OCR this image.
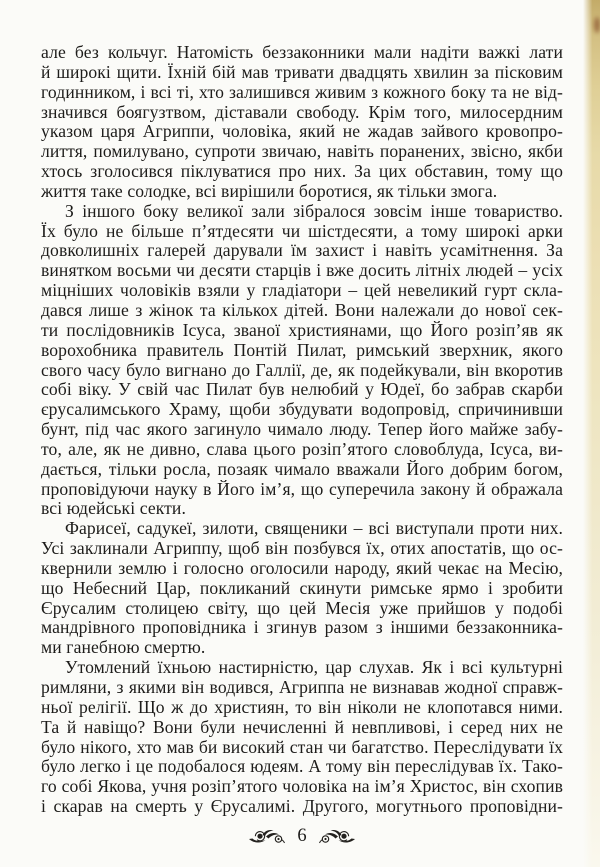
але без кольчуг. Натомість беззаконники мали надіти важкі лати
й широкі щити. Їхній бій мав тривати двадцять хвилин за пісковим
годинником, і всі ті, хто залишився живим з кожного боку та не від-
значився боягузтвом, діставали свободу. Крім того, милосердним
указом царя Агриппи, чоловіка, який не жадав зайвого кровопро-
лиття, помилувано, супроти звичаю, навіть поранених, звісно, якби
хтось зголосився піклуватися про них. За цих обставин, тому що
життя таке солодке, всі вирішили боротися, як тільки змога.
З іншого боку великої зали зібралося зовсім інше товариство.
Їх було не більше п’ятдесяти чи шістдесяти, а тому широкі арки
довколишніх галерей дарували їм захист і навіть усамітнення. За
винятком восьми чи десяти старців і вже досить літніх людей – усіх
міцніших чоловіків взяли у гладіатори – цей невеликий гурт скла-
дався лише з жінок та кількох дітей. Вони належали до нової сек-
ти послідовників Ісуса, званої християнами, що Його розіп’яв як
ворохобника правитель Понтій Пилат, римський зверхник, якого
свого часу було вигнано до Галлії, де, як подейкували, він вкоротив
собі віку. У свій час Пилат був нелюбий у Юдеї, бо забрав скарби
єрусалимського Храму, щоби збудувати водопровід, спричинивши
бунт, під час якого загинуло чимало люду. Тепер його майже забу-
то, але, як не дивно, слава цього розіп’ятого словоблуда, Ісуса, ви-
дається, тільки росла, позаяк чимало вважали Його добрим богом,
проповідуючи науку в Його ім’я, що суперечила закону й ображала
всі юдейські секти.
Фарисеї, садукеї, зилоти, священики – всі виступали проти них.
Усі заклинали Агриппу, щоб він позбувся їх, отих апостатів, що ос-
квернили землю і голосно оголосили народу, який чекає на Месію,
що Небесний Цар, покликаний скинути римське ярмо і зробити
Єрусалим столицею світу, що цей Месія уже прийшов у подобі
мандрівного проповідника і згинув разом з іншими беззаконника-
ми ганебною смертю.
Утомлений їхньою настирністю, цар слухав. Як і всі культурні
римляни, з якими він водився, Агриппа не визнавав жодної справж-
ньої релігії. Що ж до християн, то він ніколи не клопотався ними.
Та й навіщо? Вони були нечисленні й невпливові, і серед них не
було нікого, хто мав би високий стан чи багатство. Переслідувати їх
було легко і це подобалося юдеям. А тому він переслідував їх. Тако-
го собі Якова, учня розіп’ятого чоловіка на ім’я Христос, він схопив
і скарав на смерть у Єрусалимі. Другого, могутнього проповідни-
6
